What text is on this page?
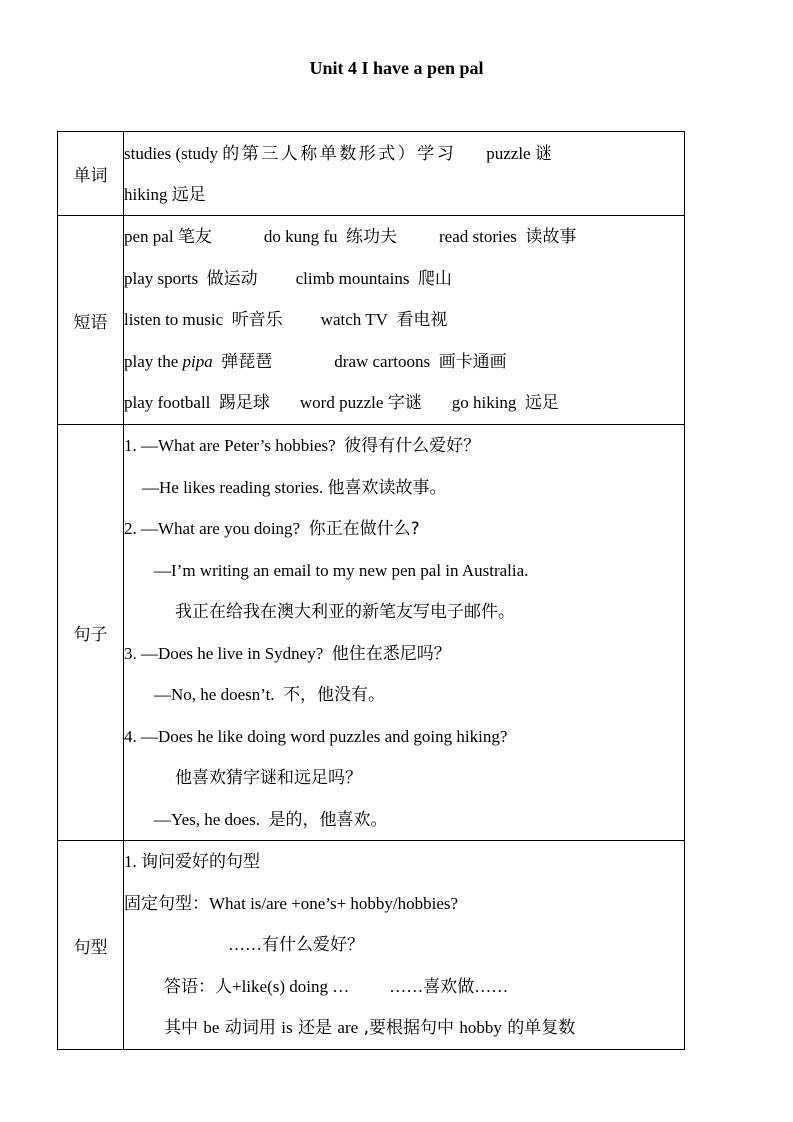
Unit 4 I have a pen pal
单词	studies (study 的第三人称单数形式）学习 puzzle 谜
hiking 远足

短语	pen pal 笔友 do kung fu 练功夫 read stories 读故事
play sports 做运动 climb mountains 爬山
listen to music 听音乐 watch TV 看电视
play the pipa 弹琵琶 draw cartoons 画卡通画
play football 踢足球 word puzzle 字谜 go hiking 远足

句子	
1. —What are Peter’s hobbies? 彼得有什么爱好？
—He likes reading stories. 他喜欢读故事。
2. —What are you doing? 你正在做什么?
—I’m writing an email to my new pen pal in Australia.
我正在给我在澳大利亚的新笔友写电子邮件。
3. —Does he live in Sydney? 他住在悉尼吗？
—No, he doesn’t. 不，他没有。
4. —Does he like doing word puzzles and going hiking?
他喜欢猜字谜和远足吗？
—Yes, he does. 是的，他喜欢。

句型	1. 询问爱好的句型
固定句型：What is/are +one’s+ hobby/hobbies?
……有什么爱好？
答语：人+like(s) doing … ……喜欢做……
其中 be 动词用 is 还是 are ,要根据句中 hobby 的单复数
